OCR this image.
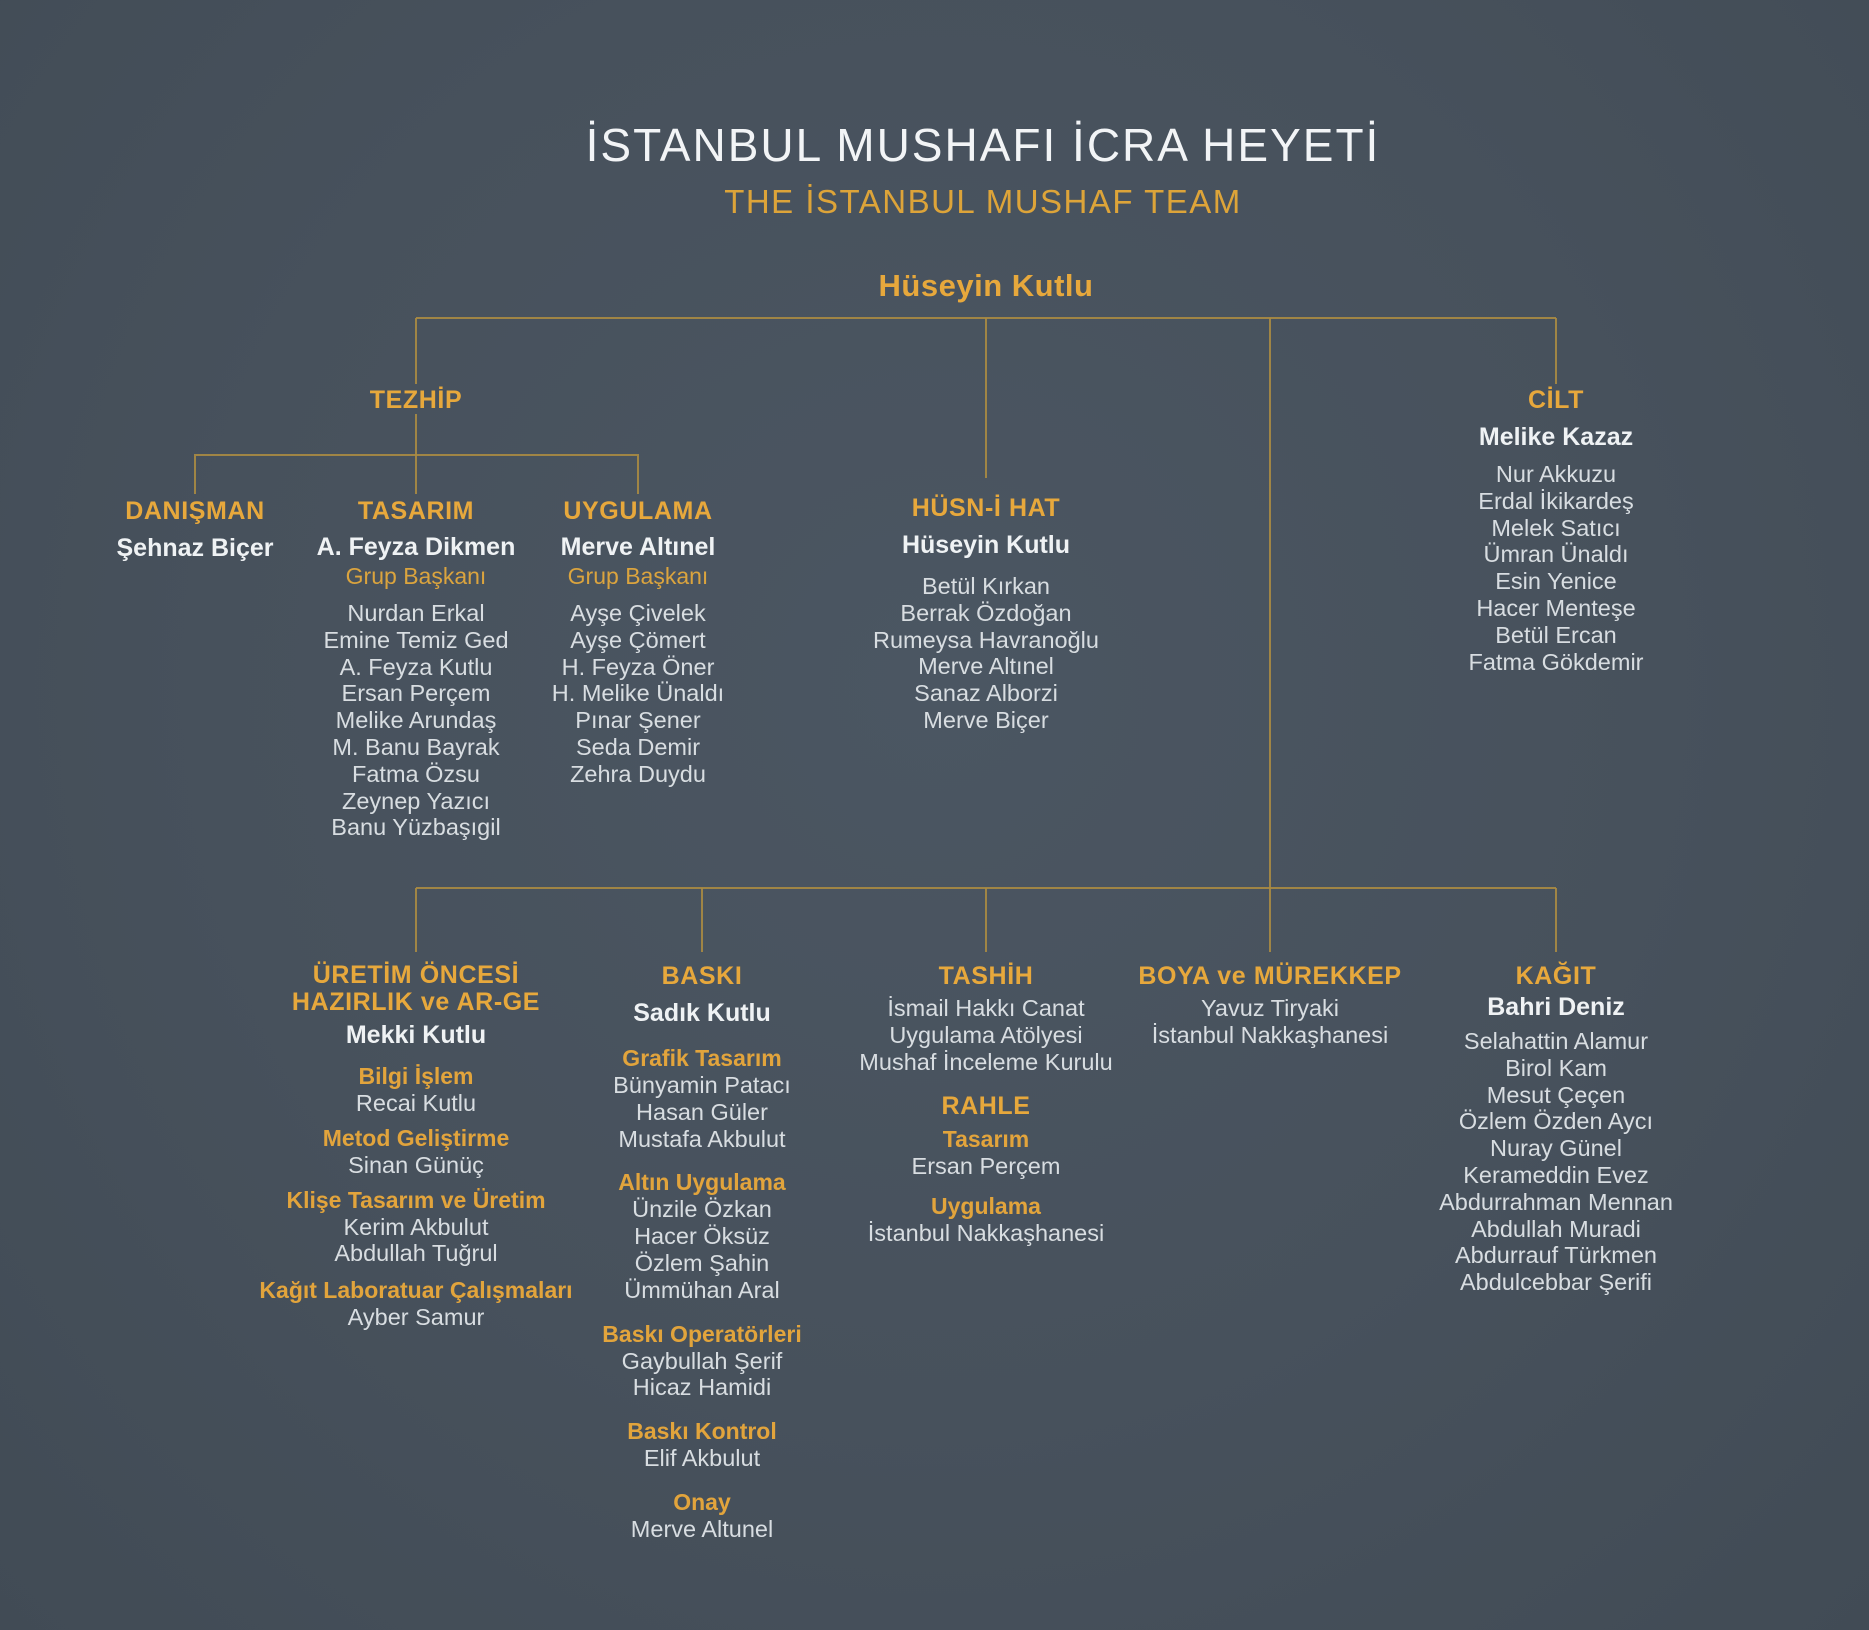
İSTANBUL MUSHAFI İCRA HEYETİ
THE İSTANBUL MUSHAF TEAM
Hüseyin Kutlu
TEZHİP
DANIŞMAN
Şehnaz Biçer
TASARIM
A. Feyza Dikmen
Grup Başkanı
Nurdan Erkal
Emine Temiz Ged
A. Feyza Kutlu
Ersan Perçem
Melike Arundaş
M. Banu Bayrak
Fatma Özsu
Zeynep Yazıcı
Banu Yüzbaşıgil
UYGULAMA
Merve Altınel
Grup Başkanı
Ayşe Çivelek
Ayşe Çömert
H. Feyza Öner
H. Melike Ünaldı
Pınar Şener
Seda Demir
Zehra Duydu
HÜSN-İ HAT
Hüseyin Kutlu
Betül Kırkan
Berrak Özdoğan
Rumeysa Havranoğlu
Merve Altınel
Sanaz Alborzi
Merve Biçer
CİLT
Melike Kazaz
Nur Akkuzu
Erdal İkikardeş
Melek Satıcı
Ümran Ünaldı
Esin Yenice
Hacer Menteşe
Betül Ercan
Fatma Gökdemir
ÜRETİM ÖNCESİ
HAZIRLIK ve AR-GE
Mekki Kutlu
Bilgi İşlem
Recai Kutlu
Metod Geliştirme
Sinan Günüç
Klişe Tasarım ve Üretim
Kerim Akbulut
Abdullah Tuğrul
Kağıt Laboratuar Çalışmaları
Ayber Samur
BASKI
Sadık Kutlu
Grafik Tasarım
Bünyamin Patacı
Hasan Güler
Mustafa Akbulut
Altın Uygulama
Ünzile Özkan
Hacer Öksüz
Özlem Şahin
Ümmühan Aral
Baskı Operatörleri
Gaybullah Şerif
Hicaz Hamidi
Baskı Kontrol
Elif Akbulut
Onay
Merve Altunel
TASHİH
İsmail Hakkı Canat
Uygulama Atölyesi
Mushaf İnceleme Kurulu
RAHLE
Tasarım
Ersan Perçem
Uygulama
İstanbul Nakkaşhanesi
BOYA ve MÜREKKEP
Yavuz Tiryaki
İstanbul Nakkaşhanesi
KAĞIT
Bahri Deniz
Selahattin Alamur
Birol Kam
Mesut Çeçen
Özlem Özden Aycı
Nuray Günel
Kerameddin Evez
Abdurrahman Mennan
Abdullah Muradi
Abdurrauf Türkmen
Abdulcebbar Şerifi
